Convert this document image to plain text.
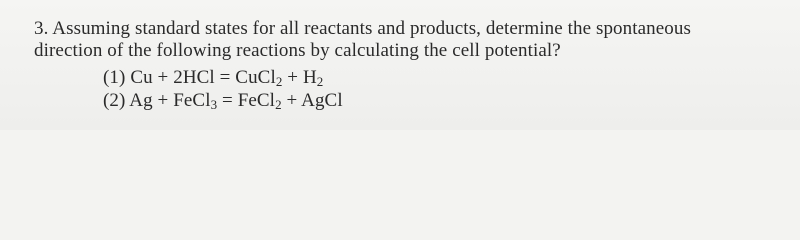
3. Assuming standard states for all reactants and products, determine the spontaneous
direction of the following reactions by calculating the cell potential?
(1) Cu + 2HCl = CuCl$_2$ + $H_2$
(2) Ag + FeCl$_3$ = FeCl$_2$ + AgCl
